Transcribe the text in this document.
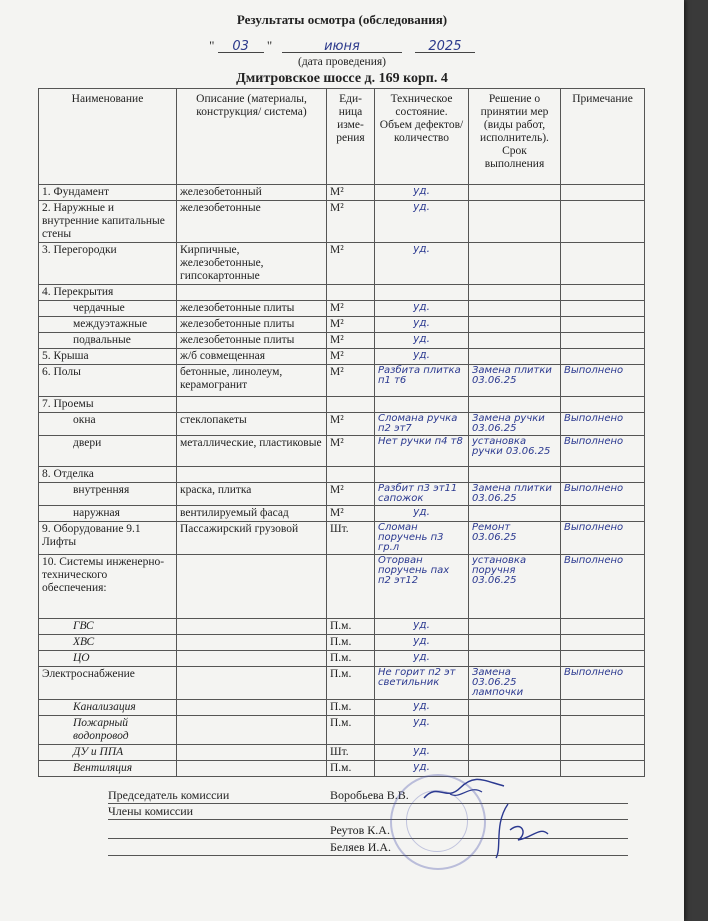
Результаты осмотра (обследования)
" 03 "	июня	2025
(дата проведения)
Дмитровское шоссе д. 169 корп. 4
Наименование	Описание (материалы, конструкция/ система)	Еди-ница изме-рения	Техническое состояние. Объем дефектов/ количество	Решение о принятии мер (виды работ, исполнитель). Срок выполнения	Примечание
1. Фундамент	железобетонный	М²	уд.		
2. Наружные и внутренние капитальные стены	железобетонные	М²	уд.		
3. Перегородки	Кирпичные, железобетонные, гипсокартонные	М²	уд.		
4. Перекрытия					
чердачные	железобетонные плиты	М²	уд.		
междуэтажные	железобетонные плиты	М²	уд.		
подвальные	железобетонные плиты	М²	уд.		
5. Крыша	ж/б совмещенная	М²	уд.		
6. Полы	бетонные, линолеум, керамогранит	М²	Разбита плитка п1 т6	Замена плитки 03.06.25	Выполнено
7. Проемы					
окна	стеклопакеты	М²	Сломана ручка п2 эт7	Замена ручки 03.06.25	Выполнено
двери	металлические, пластиковые	М²	Нет ручки п4 т8	установка ручки 03.06.25	Выполнено
8. Отделка					
внутренняя	краска, плитка	М²	Разбит п3 эт11 сапожок	Замена плитки 03.06.25	Выполнено
наружная	вентилируемый фасад	М²	уд.		
9. Оборудование 9.1 Лифты	Пассажирский грузовой	Шт.	Сломан поручень п3 гр.л	Ремонт 03.06.25	Выполнено
10. Системы инженерно-технического обеспечения:			Оторван поручень пах п2 эт12	установка поручня 03.06.25	Выполнено
ГВС		П.м.	уд.		
ХВС		П.м.	уд.		
ЦО		П.м.	уд.		
Электроснабжение		П.м.	Не горит п2 эт светильник	Замена 03.06.25 лампочки	Выполнено
Канализация		П.м.	уд.		
Пожарный водопровод		П.м.	уд.		
ДУ и ППА		Шт.	уд.		
Вентиляция		П.м.	уд.		
Председатель комиссии	Воробьева В.В.
Члены комиссии
Реутов К.А.
Беляев И.А.
